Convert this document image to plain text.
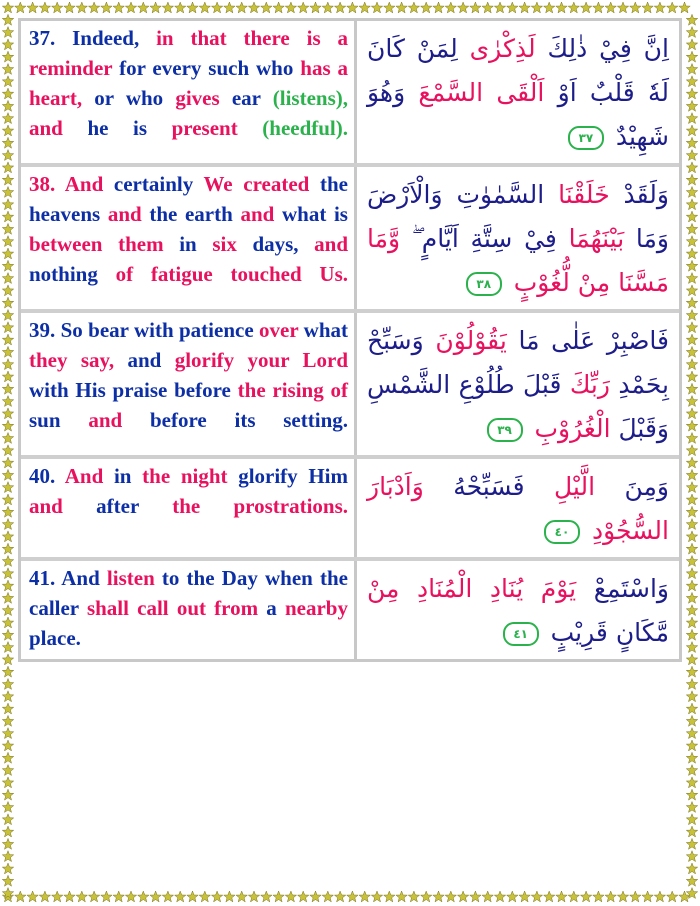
37. Indeed, in that there is a reminder for every such who has a heart, or who gives ear (listens), and he is present (heedful).
اِنَّ فِيْ ذٰلِكَ لَذِكْرٰى لِمَنْ كَانَ لَهٗ قَلْبٌ اَوْ اَلْقَى السَّمْعَ وَهُوَ شَهِيْدٌ ٣٧
38. And certainly We created the heavens and the earth and what is between them in six days, and nothing of fatigue touched Us.
وَلَقَدْ خَلَقْنَا السَّمٰوٰتِ وَالْاَرْضَ وَمَا بَيْنَهُمَا فِيْ سِتَّةِ اَيَّامٍ ۖ وَّمَا مَسَّنَا مِنْ لُّغُوْبٍ ٣٨
39. So bear with patience over what they say, and glorify your Lord with His praise before the rising of sun and before its setting.
فَاصْبِرْ عَلٰى مَا يَقُوْلُوْنَ وَسَبِّحْ بِحَمْدِ رَبِّكَ قَبْلَ طُلُوْعِ الشَّمْسِ وَقَبْلَ الْغُرُوْبِ ٣٩
40. And in the night glorify Him and after the prostrations.
وَمِنَ الَّيْلِ فَسَبِّحْهُ وَاَدْبَارَ السُّجُوْدِ ٤٠
41. And listen to the Day when the caller shall call out from a nearby place.
وَاسْتَمِعْ يَوْمَ يُنَادِ الْمُنَادِ مِنْ مَّكَانٍ قَرِيْبٍ ٤١
